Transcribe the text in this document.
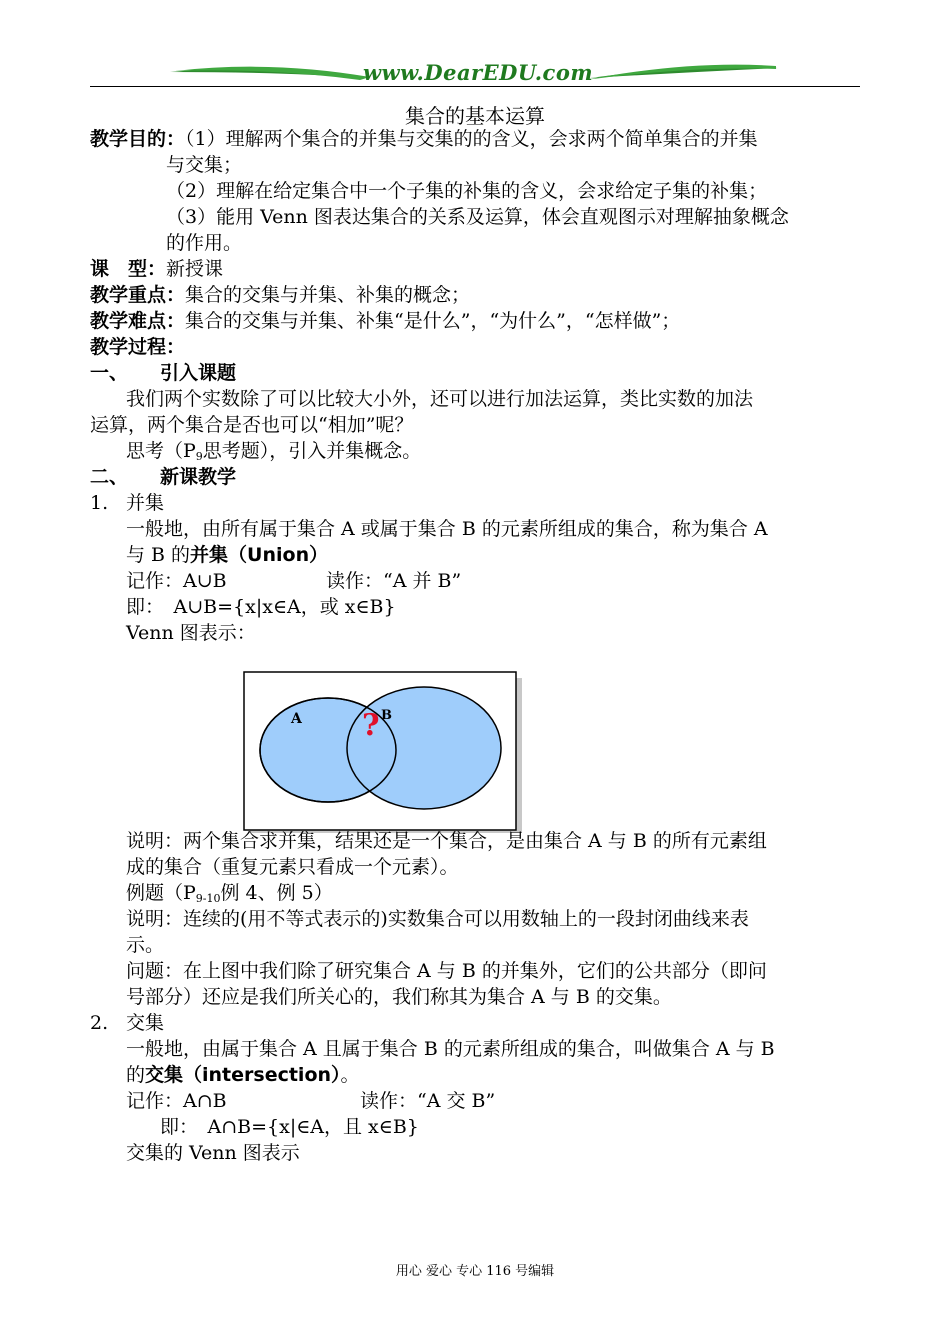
www.DearEDU.com
集合的基本运算
教学目的：（1）理解两个集合的并集与交集的的含义，会求两个简单集合的并集
与交集；
（2）理解在给定集合中一个子集的补集的含义，会求给定子集的补集；
（3）能用 Venn 图表达集合的关系及运算，体会直观图示对理解抽象概念
的作用。
课　型：新授课
教学重点：集合的交集与并集、补集的概念；
教学难点：集合的交集与并集、补集“是什么”，“为什么”，“怎样做”；
教学过程：
一、 引入课题
我们两个实数除了可以比较大小外，还可以进行加法运算，类比实数的加法
运算，两个集合是否也可以“相加”呢？
思考（$P_9$思考题），引入并集概念。
二、 新课教学
1. 并集
一般地，由所有属于集合 A 或属于集合 B 的元素所组成的集合，称为集合 A
与 B 的并集（Union）
记作：A∪B	读作：“A 并 B”
即：　A∪B={x|x∈A，或 x∈B}
Venn 图表示：
A	B
?
说明：两个集合求并集，结果还是一个集合，是由集合 A 与 B 的所有元素组
成的集合（重复元素只看成一个元素）。
例题（$P_{9-10}$例 4、例 5）
说明：连续的(用不等式表示的)实数集合可以用数轴上的一段封闭曲线来表
示。
问题：在上图中我们除了研究集合 A 与 B 的并集外，它们的公共部分（即问
号部分）还应是我们所关心的，我们称其为集合 A 与 B 的交集。
2. 交集
一般地，由属于集合 A 且属于集合 B 的元素所组成的集合，叫做集合 A 与 B
的交集（intersection）。
记作：A∩B	读作：“A 交 B”
即：　A∩B={x|∈A，且 x∈B}
交集的 Venn 图表示
用心 爱心 专心 116 号编辑
